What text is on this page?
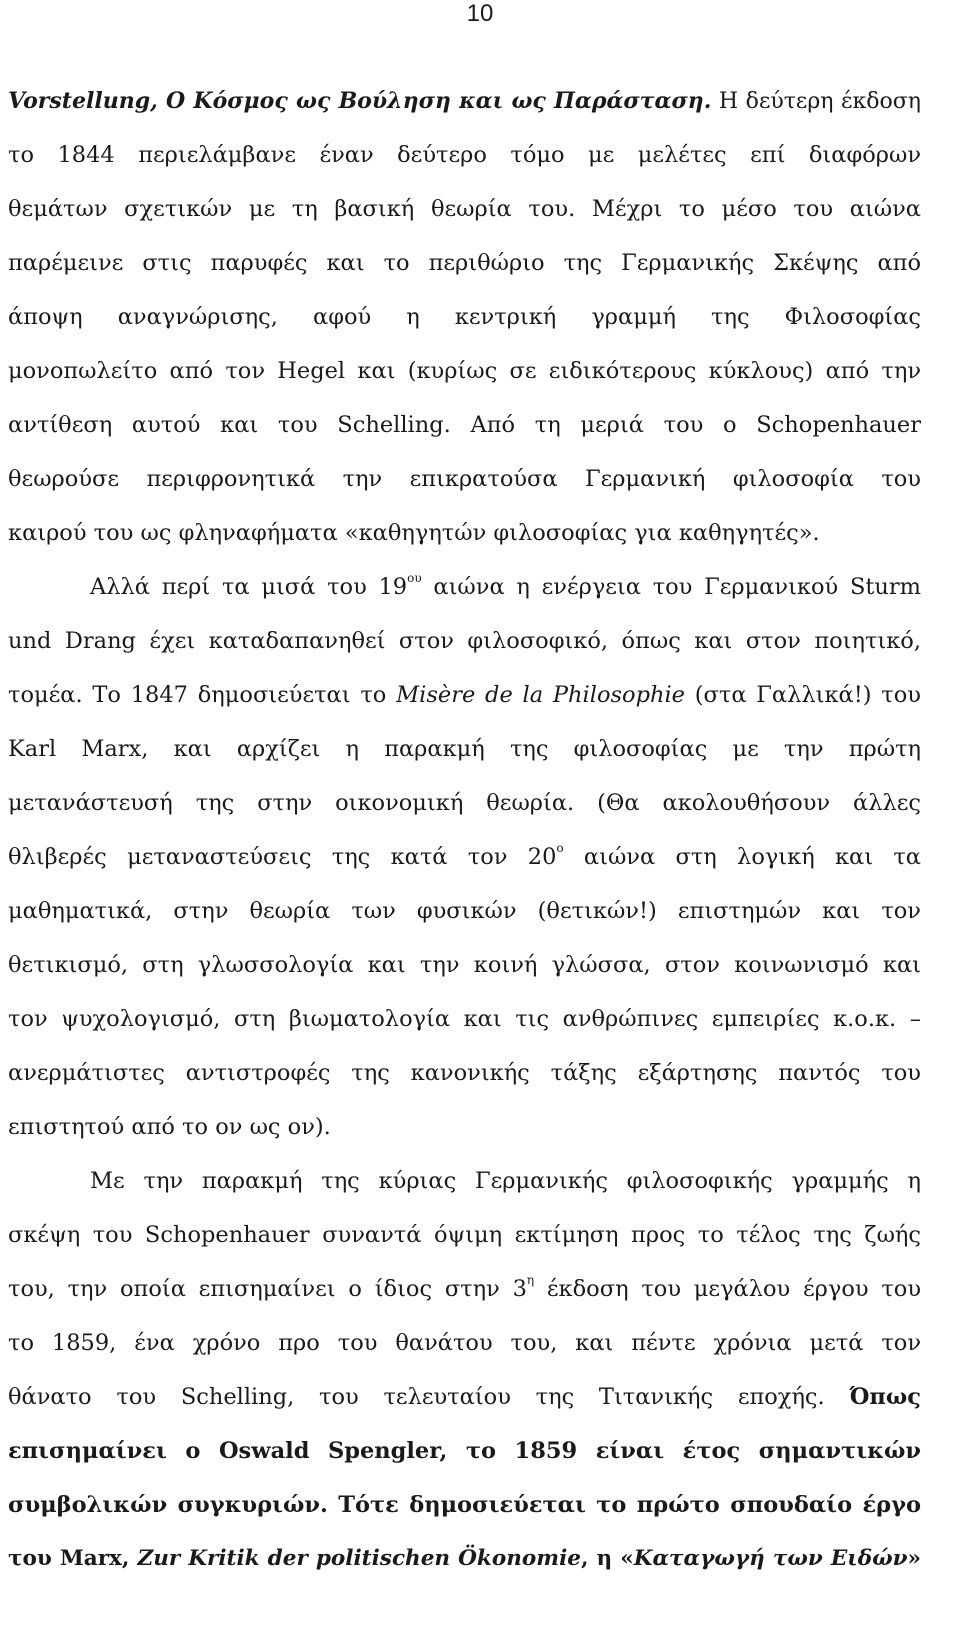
10
Vorstellung, Ο Κόσμος ως Βούληση και ως Παράσταση. Η δεύτερη έκδοση
το 1844 περιελάμβανε έναν δεύτερο τόμο με μελέτες επί διαφόρων
θεμάτων σχετικών με τη βασική θεωρία του. Μέχρι το μέσο του αιώνα
παρέμεινε στις παρυφές και το περιθώριο της Γερμανικής Σκέψης από
άποψη αναγνώρισης, αφού η κεντρική γραμμή της Φιλοσοφίας
μονοπωλείτο από τον Hegel και (κυρίως σε ειδικότερους κύκλους) από την
αντίθεση αυτού και του Schelling. Από τη μεριά του ο Schopenhauer
θεωρούσε περιφρονητικά την επικρατούσα Γερμανική φιλοσοφία του
καιρού του ως φληναφήματα «καθηγητών φιλοσοφίας για καθηγητές».
Αλλά περί τα μισά του $19^{o\upsilon}$ αιώνα η ενέργεια του Γερμανικού Sturm
und Drang έχει καταδαπανηθεί στον φιλοσοφικό, όπως και στον ποιητικό,
τομέα. Το 1847 δημοσιεύεται το Misère de la Philosophie (στα Γαλλικά!) του
Karl Marx, και αρχίζει η παρακμή της φιλοσοφίας με την πρώτη
μετανάστευσή της στην οικονομική θεωρία. (Θα ακολουθήσουν άλλες
θλιβερές μεταναστεύσεις της κατά τον $20^o$ αιώνα στη λογική και τα
μαθηματικά, στην θεωρία των φυσικών (θετικών!) επιστημών και τον
θετικισμό, στη γλωσσολογία και την κοινή γλώσσα, στον κοινωνισμό και
τον ψυχολογισμό, στη βιωματολογία και τις ανθρώπινες εμπειρίες κ.ο.κ. –
ανερμάτιστες αντιστροφές της κανονικής τάξης εξάρτησης παντός του
επιστητού από το ον ως ον).
Με την παρακμή της κύριας Γερμανικής φιλοσοφικής γραμμής η
σκέψη του Schopenhauer συναντά όψιμη εκτίμηση προς το τέλος της ζωής
του, την οποία επισημαίνει ο ίδιος στην $3^\eta$ έκδοση του μεγάλου έργου του
το 1859, ένα χρόνο προ του θανάτου του, και πέντε χρόνια μετά τον
θάνατο του Schelling, του τελευταίου της Τιτανικής εποχής. Όπως
επισημαίνει ο Oswald Spengler, το 1859 είναι έτος σημαντικών
συμβολικών συγκυριών. Τότε δημοσιεύεται το πρώτο σπουδαίο έργο
του Marx, Zur Kritik der politischen Ökonomie, η «Καταγωγή των Ειδών»
